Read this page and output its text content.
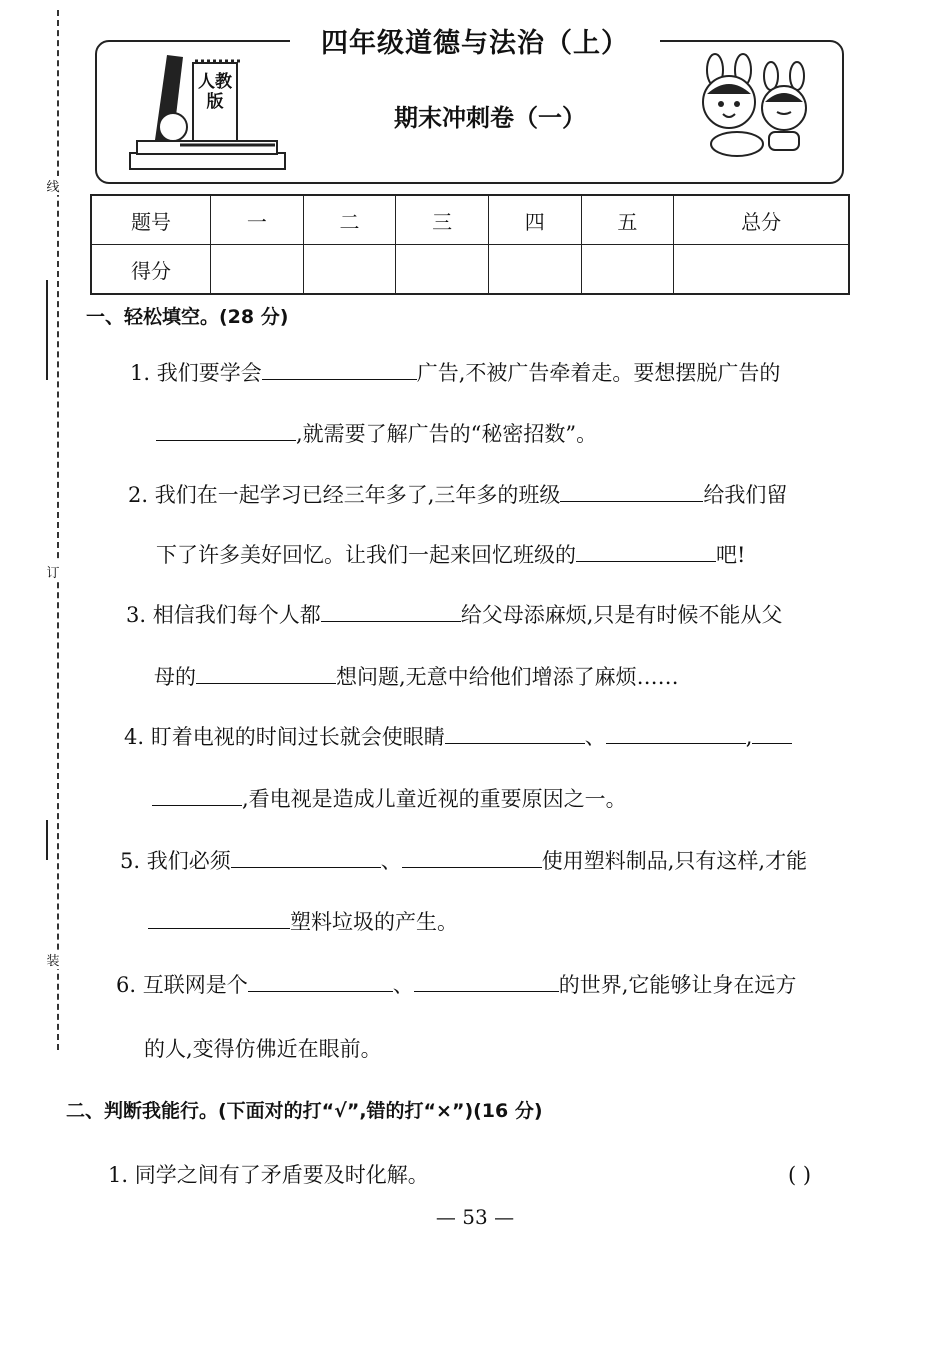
线
订
装
人教版
四年级道德与法治（上）
期末冲刺卷（一）
题号	一	二	三	四	五	总分
得分						
一、轻松填空。(28 分)
1. 我们要学会	广告,不被广告牵着走。要想摆脱广告的
,就需要了解广告的“秘密招数”。
2. 我们在一起学习已经三年多了,三年多的班级	给我们留
下了许多美好回忆。让我们一起来回忆班级的	吧!
3. 相信我们每个人都	给父母添麻烦,只是有时候不能从父
母的	想问题,无意中给他们增添了麻烦……
4. 盯着电视的时间过长就会使眼睛	、	,
,看电视是造成儿童近视的重要原因之一。
5. 我们必须	、	使用塑料制品,只有这样,才能
塑料垃圾的产生。
6. 互联网是个	、	的世界,它能够让身在远方
的人,变得仿佛近在眼前。
二、判断我能行。(下面对的打“√”,错的打“×”)(16 分)
1. 同学之间有了矛盾要及时化解。	( )
— 53 —
